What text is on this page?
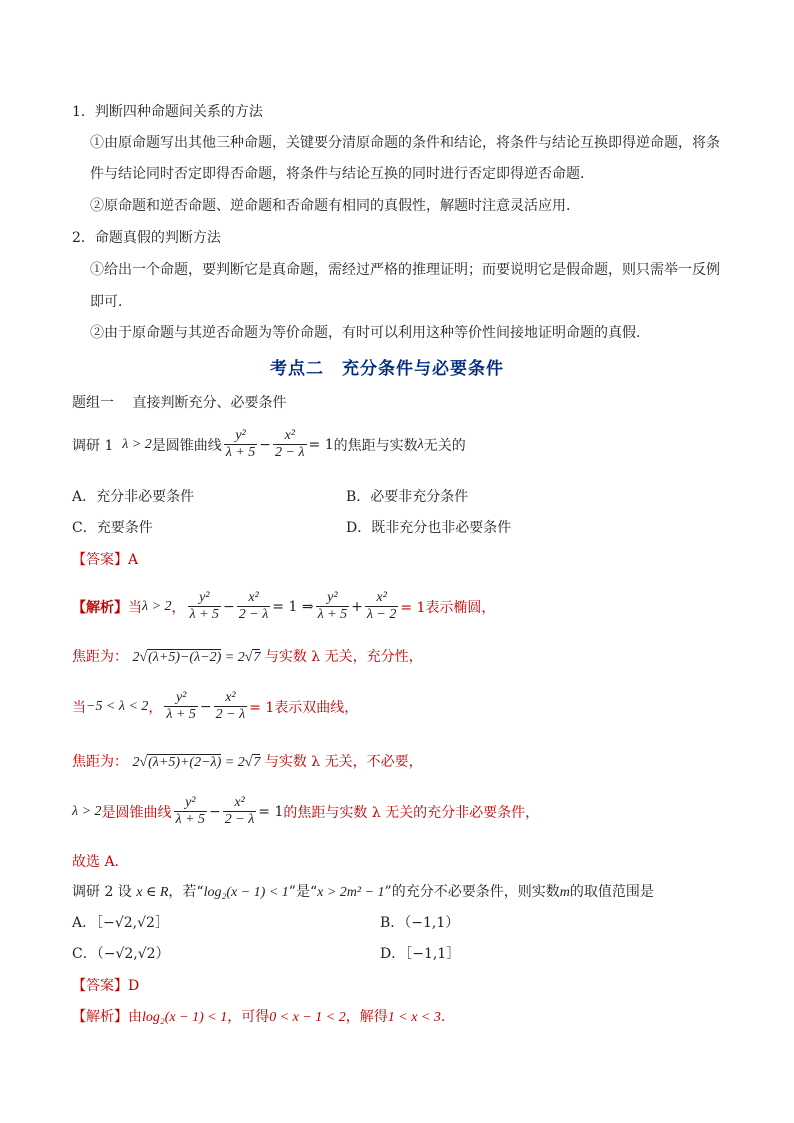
1．判断四种命题间关系的方法
①由原命题写出其他三种命题，关键要分清原命题的条件和结论，将条件与结论互换即得逆命题，将条
件与结论同时否定即得否命题，将条件与结论互换的同时进行否定即得逆否命题．
②原命题和逆否命题、逆命题和否命题有相同的真假性，解题时注意灵活应用.
2．命题真假的判断方法
①给出一个命题，要判断它是真命题，需经过严格的推理证明；而要说明它是假命题，则只需举一反例
即可．
②由于原命题与其逆否命题为等价命题，有时可以利用这种等价性间接地证明命题的真假.
考点二　充分条件与必要条件
题组一　 直接判断充分、必要条件
调研 1
λ > 2 是圆锥曲线 $\frac{\text{y²}}{\lambda + 5} - \frac{\text{x²}}{2 - \lambda} = 1$ 的焦距与实数 λ 无关的
A．充分非必要条件	B．必要非充分条件
C．充要条件	D．既非充分也非必要条件
【答案】A
【解析】 当 λ > 2 ， $\frac{\text{y²}}{\lambda + 5} - \frac{\text{x²}}{2 - \lambda} = 1$ ⇒ $\frac{\text{y²}}{\lambda + 5} + \frac{\text{x²}}{\lambda - 2} = 1$表示椭圆，
焦距为： 2√(λ+5)−(λ−2) = 2√7 与实数 λ 无关，充分性，
当 −5 < λ < 2 ， $\frac{\text{y²}}{\lambda + 5} - \frac{\text{x²}}{2 - \lambda} = 1$表示双曲线，
焦距为： 2√(λ+5)+(2−λ) = 2√7 与实数 λ 无关，不必要，
λ > 2 是圆锥曲线 $\frac{\text{y²}}{\lambda + 5} - \frac{\text{x²}}{2 - \lambda} = 1$ 的焦距与实数 λ 无关的充分非必要条件，
故选 A.
调研 2 设 x ∈ R，若“log₂(x − 1) < 1”是“x > 2m² − 1”的充分不必要条件，则实数m的取值范围是
A．［−√2,√2］	B．（−1,1）
C．（−√2,√2）	D．［−1,1］
【答案】D
【解析】由log₂(x − 1) < 1，可得0 < x − 1 < 2，解得1 < x < 3.
